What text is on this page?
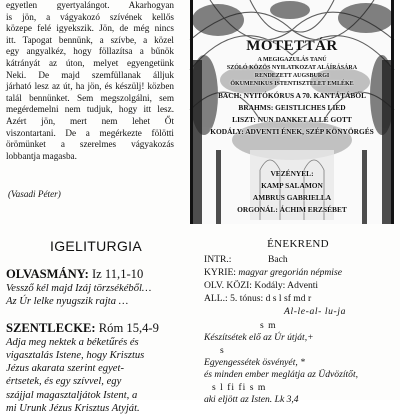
egyetlen gyertyalángot. Akarhogyan
is jön, a vágyakozó szívének kellős
közepe felé igyekszik. Jön, de még nincs
itt. Tapogat bennünk, a szívbe, a közel
egy angyalkéz, hogy föllazítsa a bűnök
kátrányát az úton, melyet egyengetünk
Neki. De majd szemfüllanak álljuk
járható lesz az út, ha jön, és készülj! közben
talál bennünket. Sem megszolgálni, sem
megérdemelni nem tudjuk, hogy itt lesz.
Azért jön, mert nem lehet Őt
viszontartani. De a megérkezte fölötti
örömünket a szerelmes vágyakozás
lobbantja magasba.
(Vasadi Péter)
MOTETTÁR
A MEGIGAZULÁS TANÚ
SZÓLÓ KÖZÖS NYILATKOZAT ALÁÍRÁSÁRA
RENDEZETT AUGSBURGI
ÖKUMENIKUS ISTENTISZTELET EMLÉKE
BACH: NYITÓKÓRUS A 70. KANTÁTÁBÓL
BRAHMS: GEISTLICHES LIED
LISZT: NUN DANKET ALLE GOTT
KODÁLY: ADVENTI ÉNEK, SZÉP KÖNYÖRGÉS
VEZÉNYEL:
KAMP SALAMON
AMBRUS GABRIELLA
ORGONÁL: ÁCHIM ERZSÉBET
IGELITURGIA
OLVASMÁNY: Iz 11,1-10
Vessző kél majd Izáj törzsékéből…
Az Úr lelke nyugszik rajta …
SZENTLECKE: Róm 15,4-9
Adja meg nektek a béketűrés és
vigasztalás Istene, hogy Krisztus
Jézus akarata szerint egyet-
értsetek, és egy szívvel, egy
szájjal magasztaljátok Istent, a
mi Urunk Jézus Krisztus Atyját.
ÉNEKREND
INTR.:	Bach
KYRIE: magyar gregorián népmise
OLV. KÖZI: Kodály: Adventi
ALL.: 5. tónus: d s l sf md r
Al-le-al- lu-ja
s m
Készítsétek elő az Úr útját,+
s
Egyengessétek ösvényét, *
és minden ember meglátja az Üdvözítőt,
s l fi fi s m
aki eljött az Isten. Lk 3,4
